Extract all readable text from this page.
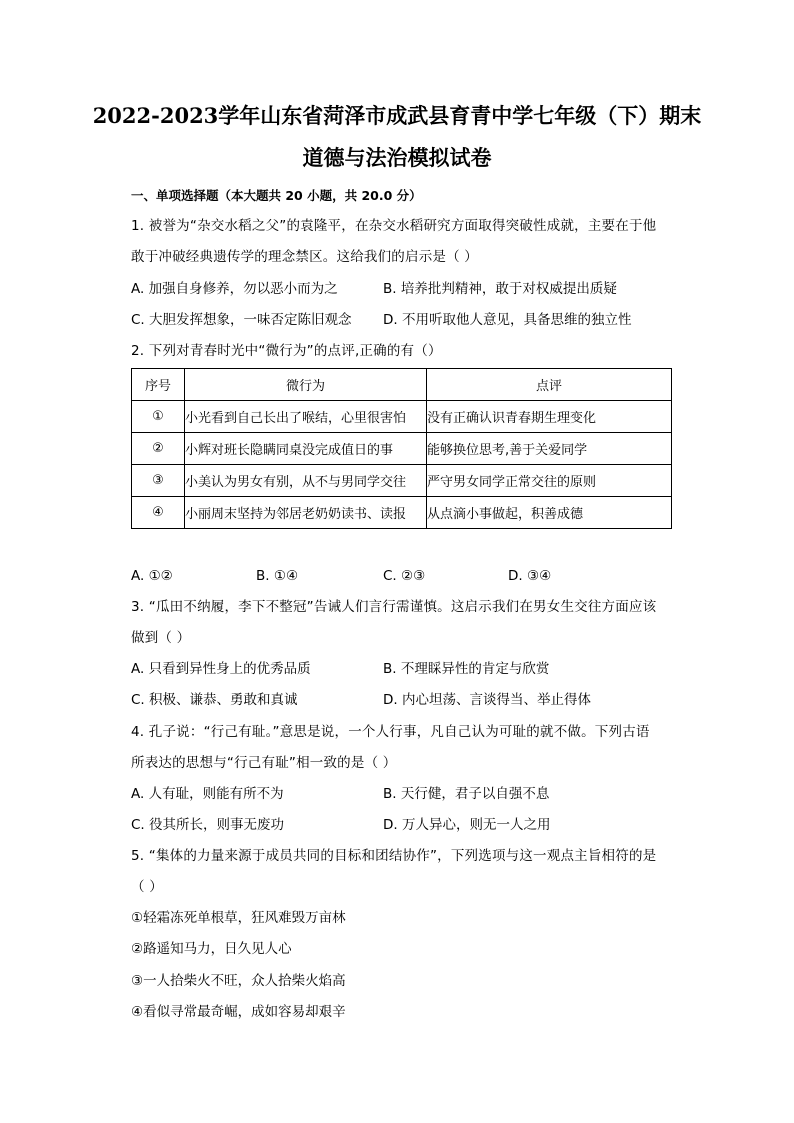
2022-2023学年山东省菏泽市成武县育青中学七年级（下）期末
道德与法治模拟试卷
一、单项选择题（本大题共 20 小题，共 20.0 分）
1. 被誉为“杂交水稻之父”的袁隆平，在杂交水稻研究方面取得突破性成就，主要在于他
敢于冲破经典遗传学的理念禁区。这给我们的启示是（ ）
A. 加强自身修养，勿以恶小而为之	B. 培养批判精神，敢于对权威提出质疑
C. 大胆发挥想象，一味否定陈旧观念 D. 不用听取他人意见，具备思维的独立性
2. 下列对青春时光中“微行为”的点评,正确的有（）
序号	微行为	点评
①	小光看到自己长出了喉结，心里很害怕	没有正确认识青春期生理变化
②	小辉对班长隐瞒同桌没完成值日的事	能够换位思考,善于关爱同学
③	小美认为男女有别，从不与男同学交往	严守男女同学正常交往的原则
④	小丽周末坚持为邻居老奶奶读书、读报	从点滴小事做起，积善成德
A. ①②	B. ①④	C. ②③	D. ③④
3. “瓜田不纳履，李下不整冠”告诫人们言行需谨慎。这启示我们在男女生交往方面应该
做到（ ）
A. 只看到异性身上的优秀品质	B. 不理睬异性的肯定与欣赏
C. 积极、谦恭、勇敢和真诚	D. 内心坦荡、言谈得当、举止得体
4. 孔子说：“行己有耻。”意思是说，一个人行事，凡自己认为可耻的就不做。下列古语
所表达的思想与“行己有耻”相一致的是（ ）
A. 人有耻，则能有所不为	B. 天行健，君子以自强不息
C. 役其所长，则事无废功	D. 万人异心，则无一人之用
5. “集体的力量来源于成员共同的目标和团结协作”，下列选项与这一观点主旨相符的是
（ ）
①轻霜冻死单根草，狂风难毁万亩林
②路遥知马力，日久见人心
③一人拾柴火不旺，众人拾柴火焰高
④看似寻常最奇崛，成如容易却艰辛
